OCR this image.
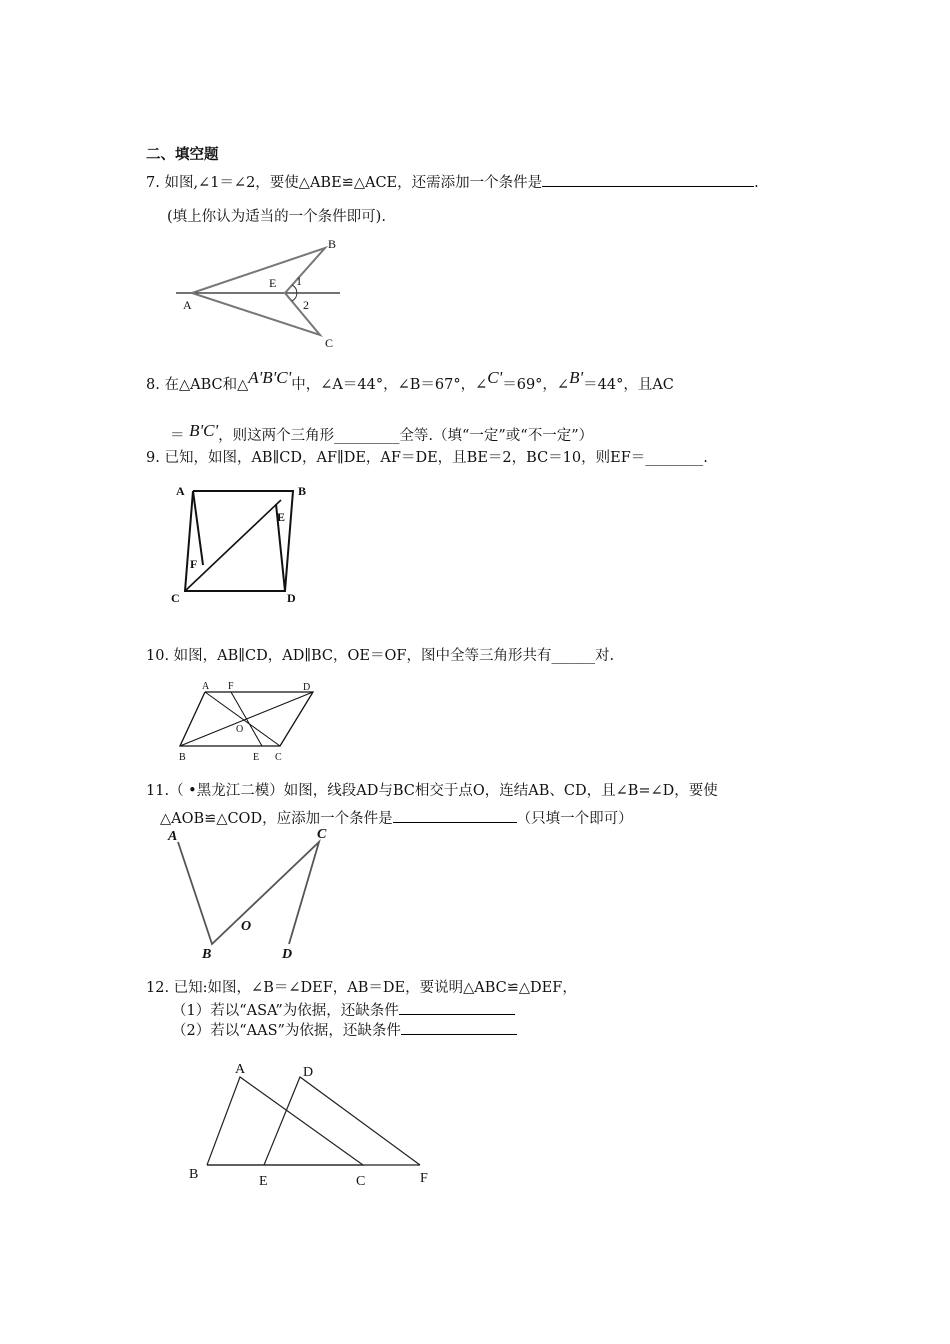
二、填空题
7. 如图,∠1＝∠2，要使△ABE≌△ACE，还需添加一个条件是	.
(填上你认为适当的一个条件即可).
B
E 1
2
A
C
8. 在△ABC和△A'B'C'中，∠A＝44°，∠B＝67°，∠C'＝69°，∠B'＝44°，且AC
＝ B'C'，则这两个三角形_________全等.（填“一定”或“不一定”）
9. 已知，如图，AB∥CD，AF∥DE，AF＝DE，且BE＝2，BC＝10，则EF＝________.
A	B
E
F
C	D
10. 如图，AB∥CD，AD∥BC，OE＝OF，图中全等三角形共有______对.
A F	D
O
B	E C
11.（ •黑龙江二模）如图，线段AD与BC相交于点O，连结AB、CD，且∠B=∠D，要使
△AOB≌△COD，应添加一个条件是	（只填一个即可）
A	C
O
B	D
12. 已知:如图，∠B＝∠DEF，AB＝DE，要说明△ABC≌△DEF，
（1）若以“ASA”为依据，还缺条件
（2）若以“AAS”为依据，还缺条件
A	D
B	E	C	F
